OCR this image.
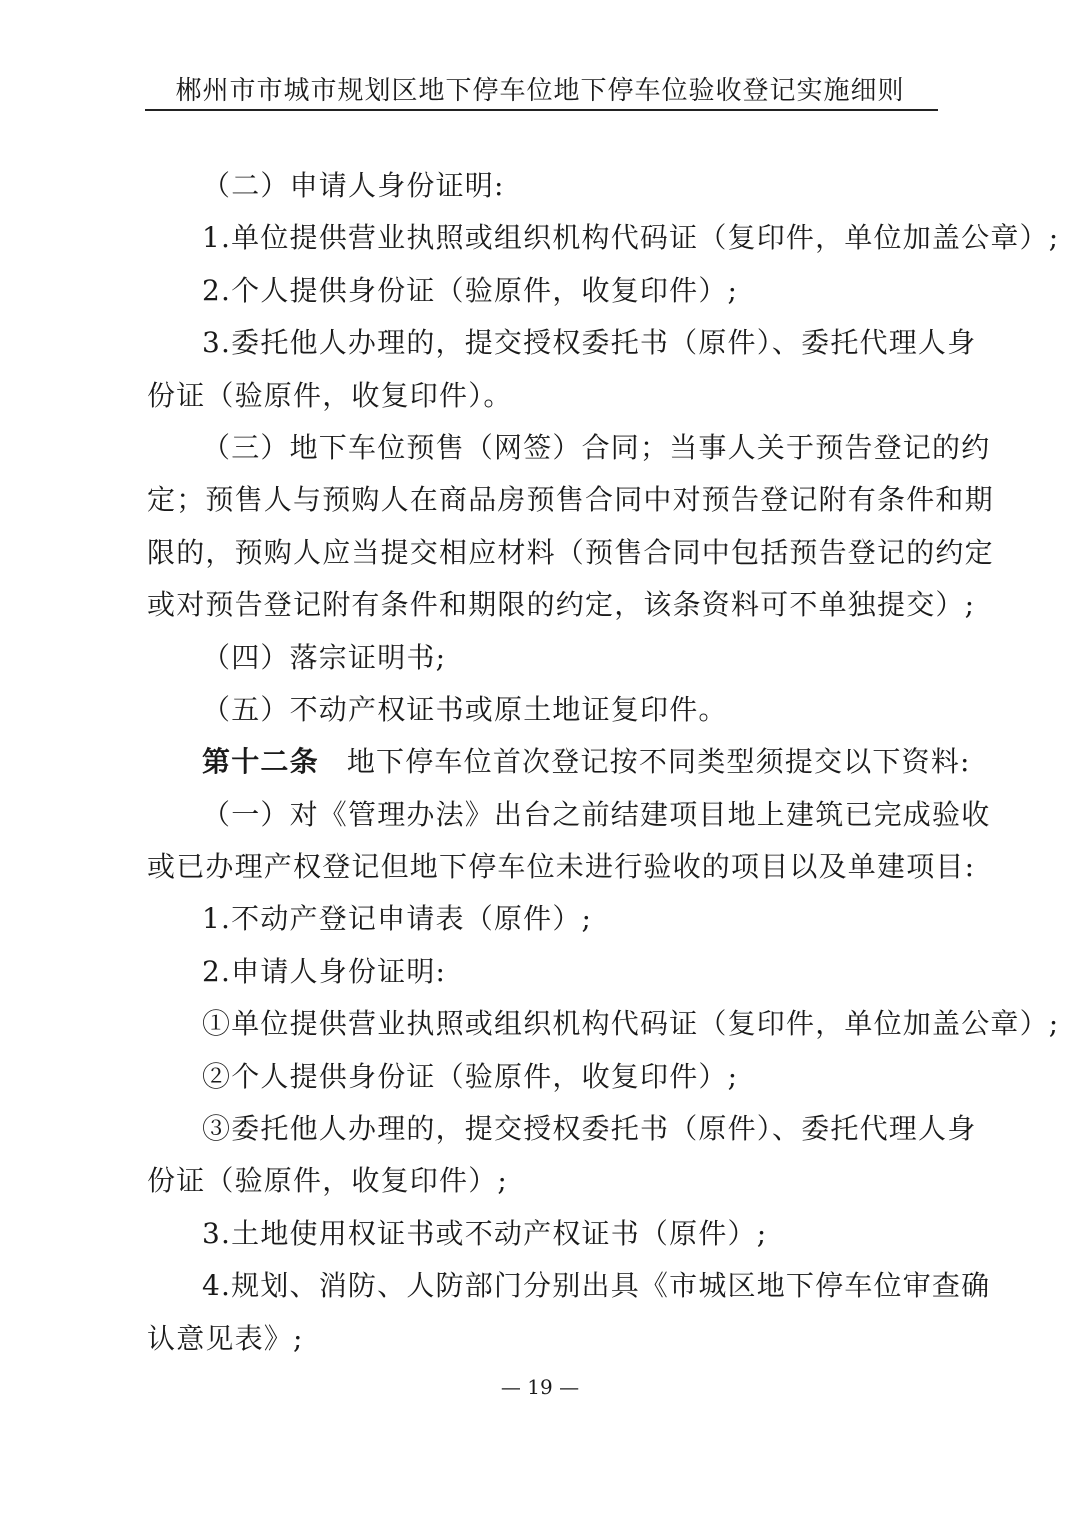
郴州市市城市规划区地下停车位地下停车位验收登记实施细则
（二）申请人身份证明:
1.单位提供营业执照或组织机构代码证（复印件，单位加盖公章）;
2.个人提供身份证（验原件，收复印件）;
3.委托他人办理的，提交授权委托书（原件）、委托代理人身
份证（验原件，收复印件）。
（三）地下车位预售（网签）合同；当事人关于预告登记的约
定；预售人与预购人在商品房预售合同中对预告登记附有条件和期
限的，预购人应当提交相应材料（预售合同中包括预告登记的约定
或对预告登记附有条件和期限的约定，该条资料可不单独提交）;
（四）落宗证明书;
（五）不动产权证书或原土地证复印件。
第十二条 地下停车位首次登记按不同类型须提交以下资料:
（一）对《管理办法》出台之前结建项目地上建筑已完成验收
或已办理产权登记但地下停车位未进行验收的项目以及单建项目:
1.不动产登记申请表（原件）;
2.申请人身份证明:
①单位提供营业执照或组织机构代码证（复印件，单位加盖公章）;
②个人提供身份证（验原件，收复印件）;
③委托他人办理的，提交授权委托书（原件）、委托代理人身
份证（验原件，收复印件）;
3.土地使用权证书或不动产权证书（原件）;
4.规划、消防、人防部门分别出具《市城区地下停车位审查确
认意见表》;
— 19 —
